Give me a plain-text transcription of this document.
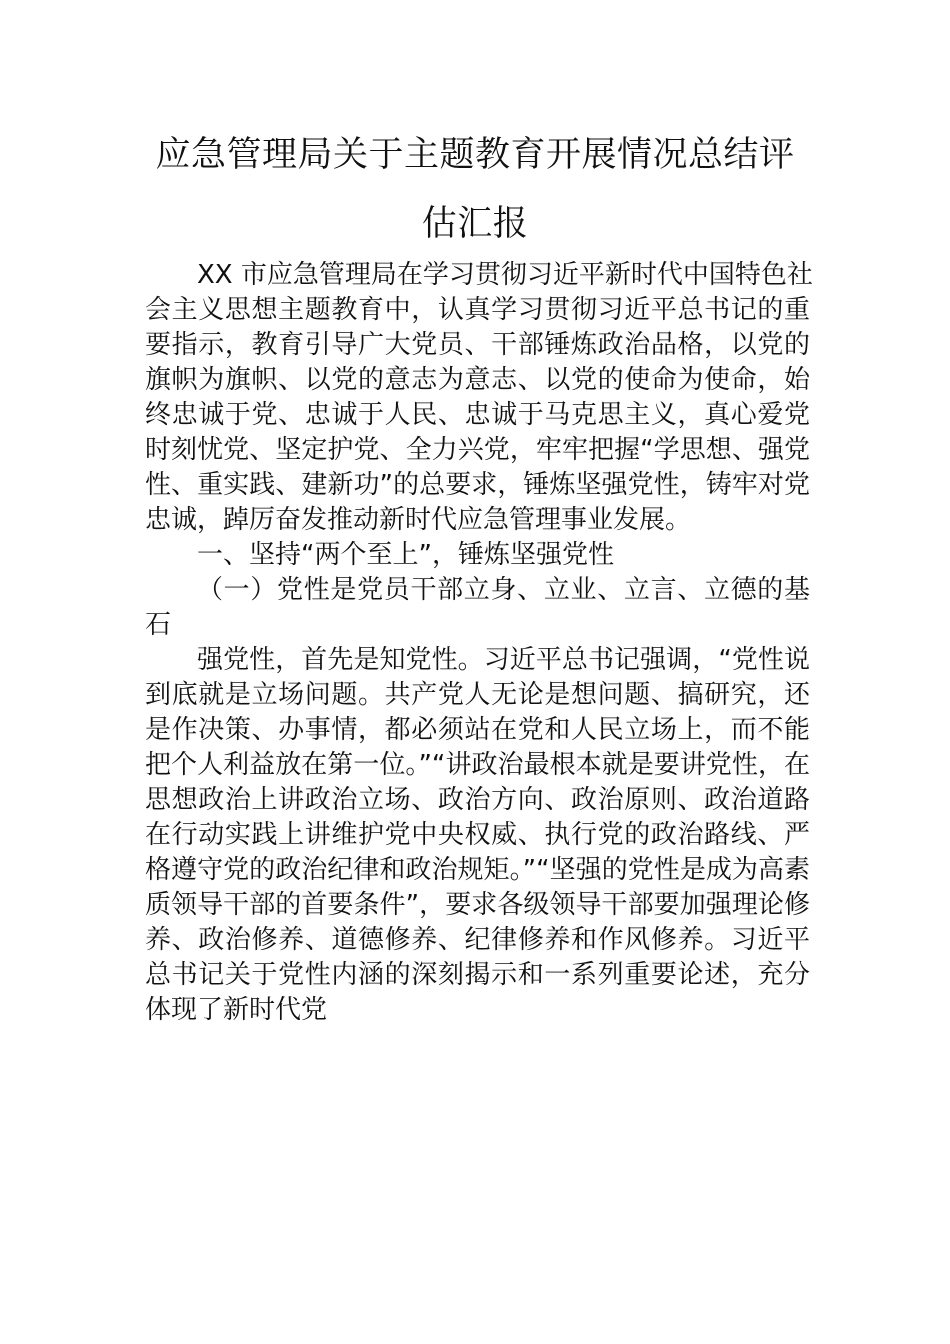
应急管理局关于主题教育开展情况总结评
估汇报
XX 市应急管理局在学习贯彻习近平新时代中国特色社
会主义思想主题教育中，认真学习贯彻习近平总书记的重
要指示，教育引导广大党员、干部锤炼政治品格，以党的
旗帜为旗帜、以党的意志为意志、以党的使命为使命，始
终忠诚于党、忠诚于人民、忠诚于马克思主义，真心爱党
时刻忧党、坚定护党、全力兴党，牢牢把握“学思想、强党
性、重实践、建新功”的总要求，锤炼坚强党性，铸牢对党
忠诚，踔厉奋发推动新时代应急管理事业发展。
一、坚持“两个至上”，锤炼坚强党性
（一）党性是党员干部立身、立业、立言、立德的基
石
强党性，首先是知党性。习近平总书记强调，“党性说
到底就是立场问题。共产党人无论是想问题、搞研究，还
是作决策、办事情，都必须站在党和人民立场上，而不能
把个人利益放在第一位。”“讲政治最根本就是要讲党性，在
思想政治上讲政治立场、政治方向、政治原则、政治道路
在行动实践上讲维护党中央权威、执行党的政治路线、严
格遵守党的政治纪律和政治规矩。”“坚强的党性是成为高素
质领导干部的首要条件”，要求各级领导干部要加强理论修
养、政治修养、道德修养、纪律修养和作风修养。习近平
总书记关于党性内涵的深刻揭示和一系列重要论述，充分
体现了新时代党
